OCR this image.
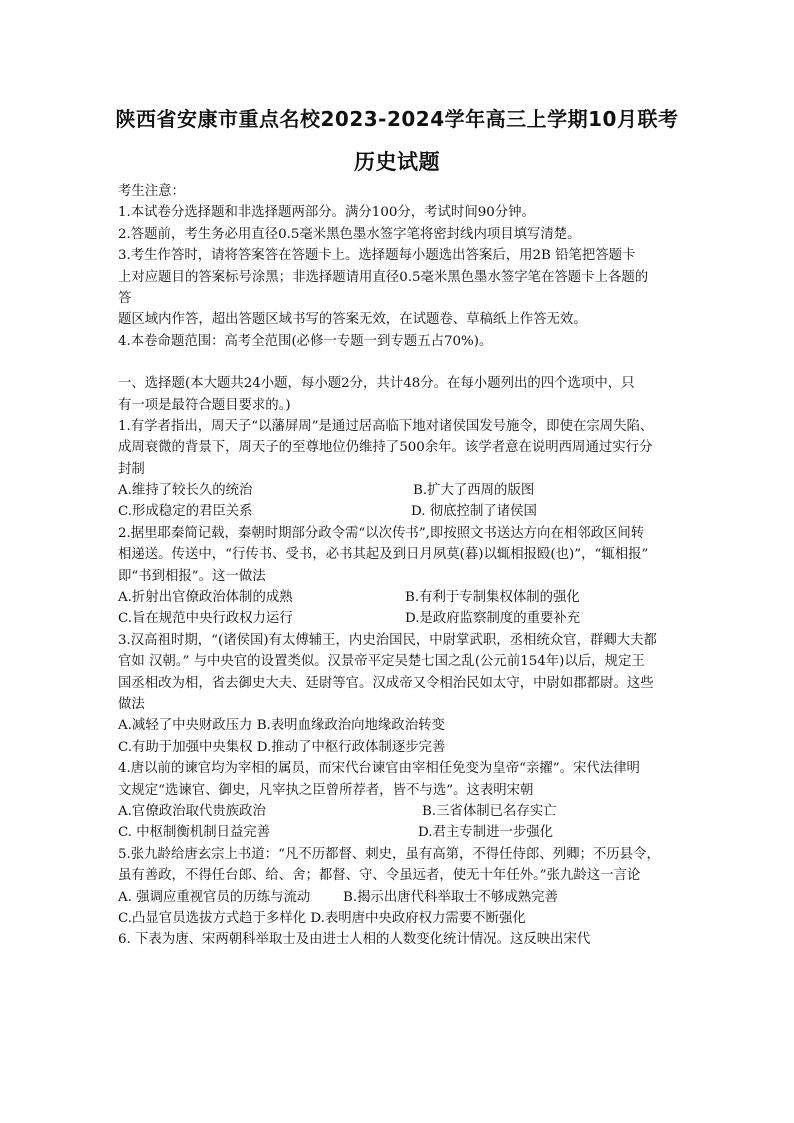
陕西省安康市重点名校2023-2024学年高三上学期10月联考
历史试题
考生注意：
1.本试卷分选择题和非选择题两部分。满分100分，考试时间90分钟。
2.答题前，考生务必用直径0.5毫米黑色墨水签字笔将密封线内项目填写清楚。
3.考生作答时，请将答案答在答题卡上。选择题每小题选出答案后，用2B 铅笔把答题卡
上对应题目的答案标号涂黑；非选择题请用直径0.5毫米黑色墨水签字笔在答题卡上各题的
答
题区域内作答，超出答题区域书写的答案无效，在试题卷、草稿纸上作答无效。
4.本卷命题范围：高考全范围(必修一专题一到专题五占70%)。
一、选择题(本大题共24小题，每小题2分，共计48分。在每小题列出的四个选项中，只
有一项是最符合题目要求的。)
1.有学者指出，周天子“以藩屏周”是通过居高临下地对诸侯国发号施令，即使在宗周失陷、
成周衰微的背景下，周天子的至尊地位仍维持了500余年。该学者意在说明西周通过实行分
封制
A.维持了较长久的统治	B.扩大了西周的版图
C.形成稳定的君臣关系	D. 彻底控制了诸侯国
2.据里耶秦简记载，秦朝时期部分政令需“以次传书”,即按照文书送达方向在相邻政区间转
相递送。传送中，“行传书、受书，必书其起及到日月夙莫(暮)以辄相报殹(也)”，“辄相报”
即“书到相报”。这一做法
A.折射出官僚政治体制的成熟	B.有利于专制集权体制的强化
C.旨在规范中央行政权力运行	D.是政府监察制度的重要补充
3.汉高祖时期，“(诸侯国)有太傅辅王，内史治国民，中尉掌武职，丞相统众官，群卿大夫都
官如 汉朝。” 与中央官的设置类似。汉景帝平定吴楚七国之乱(公元前154年)以后，规定王
国丞相改为相，省去御史大夫、廷尉等官。汉成帝又令相治民如太守，中尉如郡都尉。这些
做法
A.减轻了中央财政压力 B.表明血缘政治向地缘政治转变
C.有助于加强中央集权 D.推动了中枢行政体制逐步完善
4.唐以前的谏官均为宰相的属员，而宋代台谏官由宰相任免变为皇帝“亲擢”。宋代法律明
文规定“选谏官、御史，凡宰执之臣曾所荐者，皆不与选”。这表明宋朝
A.官僚政治取代贵族政治	B.三省体制已名存实亡
C. 中枢制衡机制日益完善	D.君主专制进一步强化
5.张九龄给唐玄宗上书道：“凡不历都督、刺史，虽有高第，不得任侍郎、列卿；不历县令，
虽有善政，不得任台郎、给、舍；都督、守、令虽远者，使无十年任外。”张九龄这一言论
A. 强调应重视官员的历练与流动	B.揭示出唐代科举取士不够成熟完善
C.凸显官员选拔方式趋于多样化 D.表明唐中央政府权力需要不断强化
6. 下表为唐、宋两朝科举取士及由进士人相的人数变化统计情况。这反映出宋代
